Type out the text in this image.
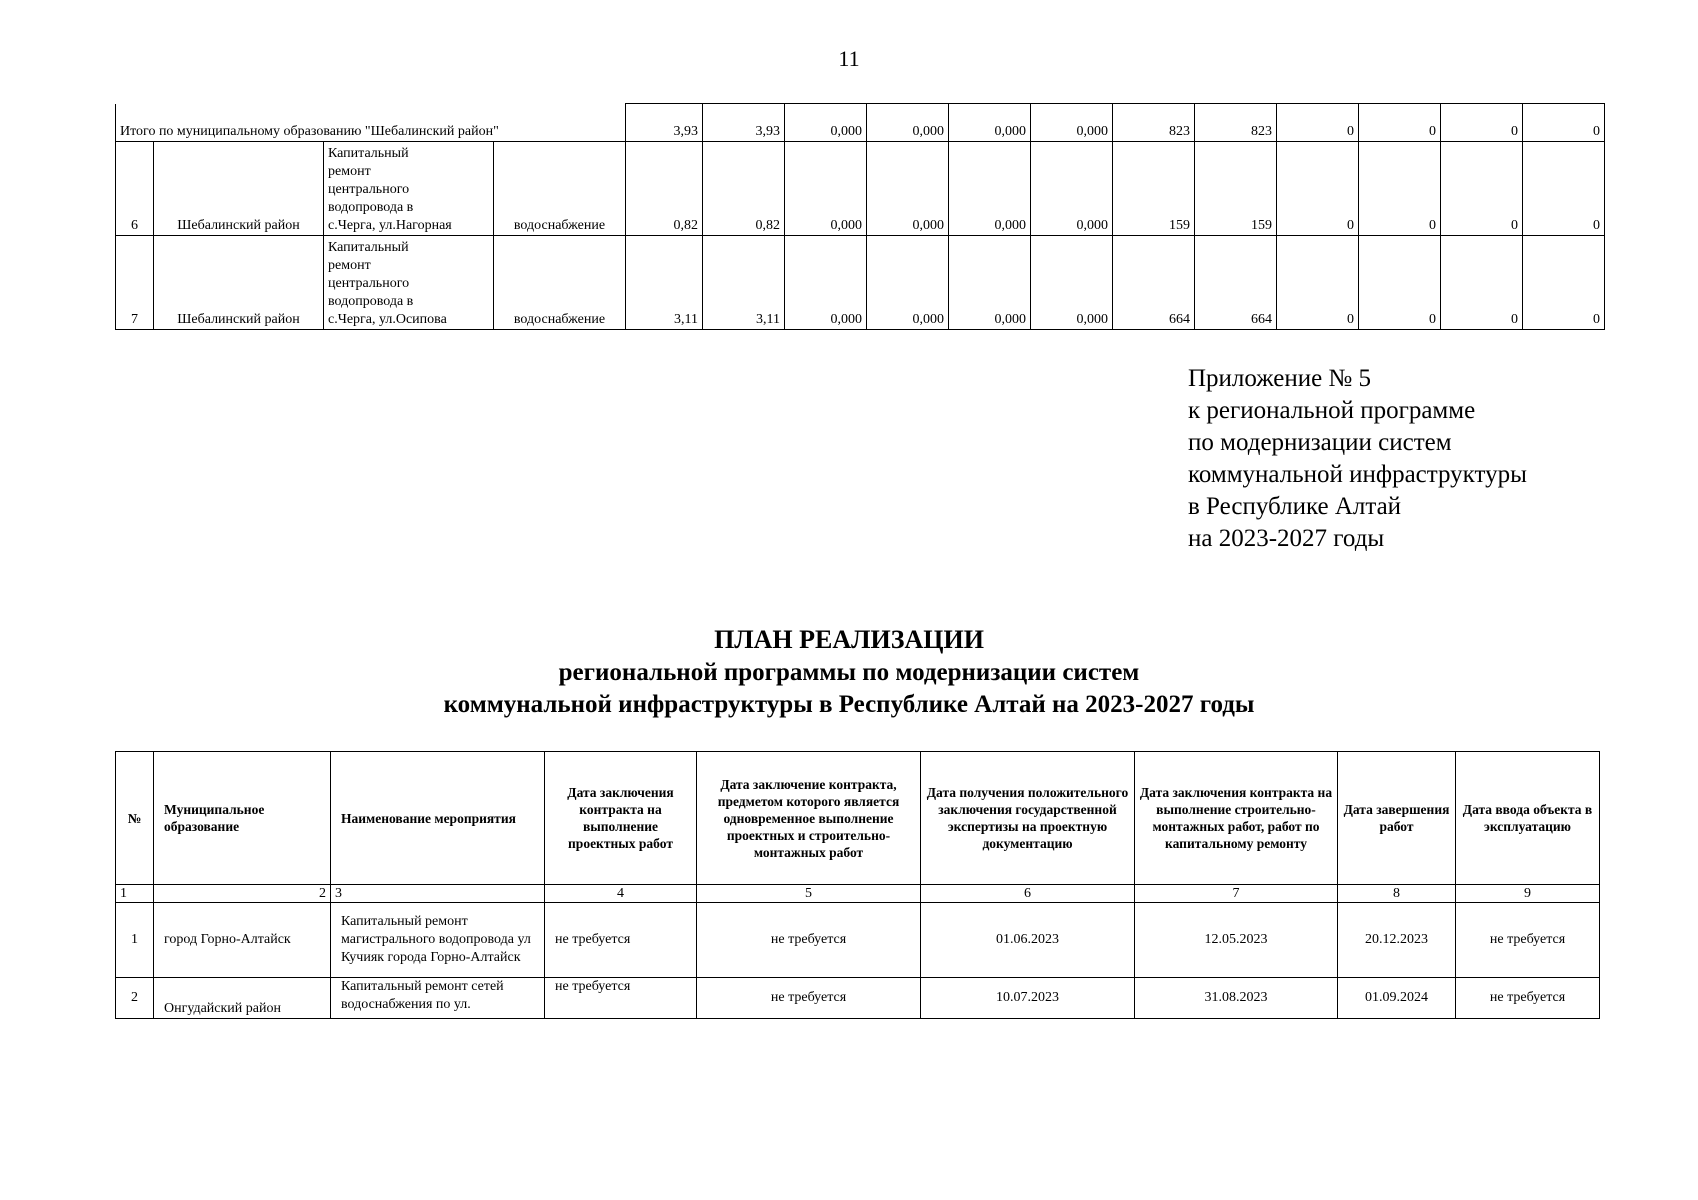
11
Итого по муниципальному образованию "Шебалинский район"				3,93	3,93	0,000	0,000	0,000	0,000	823	823	0	0	0	0
6	Шебалинский район	Капитальный
ремонт
центрального
водопровода в
с.Черга, ул.Нагорная	водоснабжение	0,82	0,82	0,000	0,000	0,000	0,000	159	159	0	0	0	0
7	Шебалинский район	Капитальный
ремонт
центрального
водопровода в
с.Черга, ул.Осипова	водоснабжение	3,11	3,11	0,000	0,000	0,000	0,000	664	664	0	0	0	0
Приложение № 5
к региональной программе
по модернизации систем
коммунальной инфраструктуры
в Республике Алтай
на 2023-2027 годы
ПЛАН РЕАЛИЗАЦИИ
региональной программы по модернизации систем
коммунальной инфраструктуры в Республике Алтай на 2023-2027 годы
№	Муниципальное образование	Наименование мероприятия	Дата заключения контракта на выполнение проектных работ	Дата заключение контракта, предметом которого является одновременное выполнение проектных и строительно-монтажных работ	Дата получения положительного заключения государственной экспертизы на проектную документацию	Дата заключения контракта на выполнение строительно-монтажных работ, работ по капитальному ремонту	Дата завершения работ	Дата ввода объекта в эксплуатацию
1	2	3	4	5	6	7	8	9
1	город Горно-Алтайск	Капитальный ремонт магистрального водопровода ул Кучияк города Горно-Алтайск	не требуется	не требуется	01.06.2023	12.05.2023	20.12.2023	не требуется
2	Онгудайский район	Капитальный ремонт сетей водоснабжения по ул.	не требуется	не требуется	10.07.2023	31.08.2023	01.09.2024	не требуется
